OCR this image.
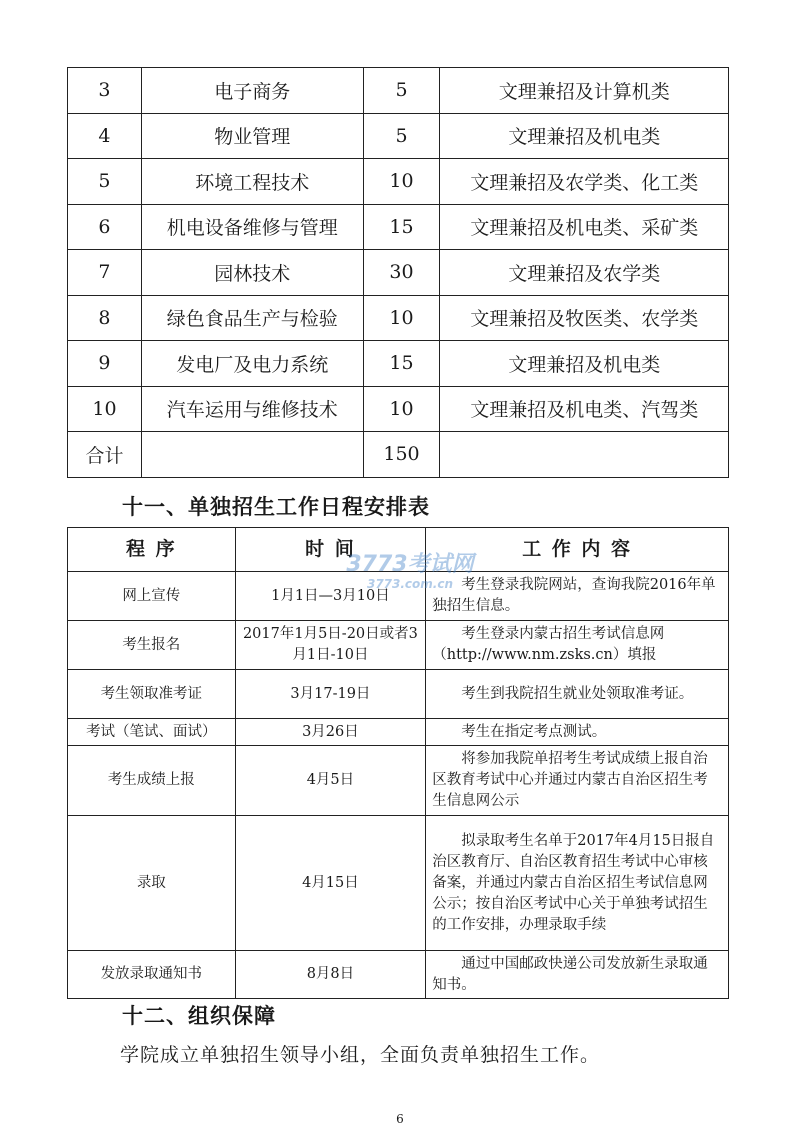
3	电子商务	5	文理兼招及计算机类
4	物业管理	5	文理兼招及机电类
5	环境工程技术	10	文理兼招及农学类、化工类
6	机电设备维修与管理	15	文理兼招及机电类、采矿类
7	园林技术	30	文理兼招及农学类
8	绿色食品生产与检验	10	文理兼招及牧医类、农学类
9	发电厂及电力系统	15	文理兼招及机电类
10	汽车运用与维修技术	10	文理兼招及机电类、汽驾类
合计		150	
十一、单独招生工作日程安排表
程 序	时 间	工 作 内 容
网上宣传	1月1日—3月10日	考生登录我院网站，查询我院2016年单独招生信息。
考生报名	2017年1月5日-20日或者3月1日-10日	考生登录内蒙古招生考试信息网（http://www.nm.zsks.cn）填报
考生领取准考证	3月17-19日	考生到我院招生就业处领取准考证。
考试（笔试、面试）	3月26日	考生在指定考点测试。
考生成绩上报	4月5日	将参加我院单招考生考试成绩上报自治区教育考试中心并通过内蒙古自治区招生考生信息网公示
录取	4月15日	拟录取考生名单于2017年4月15日报自治区教育厅、自治区教育招生考试中心审核备案，并通过内蒙古自治区招生考试信息网公示；按自治区考试中心关于单独考试招生的工作安排，办理录取手续
发放录取通知书	8月8日	通过中国邮政快递公司发放新生录取通知书。
3773考试网
3773.com.cn
十二、组织保障
学院成立单独招生领导小组，全面负责单独招生工作。
6
